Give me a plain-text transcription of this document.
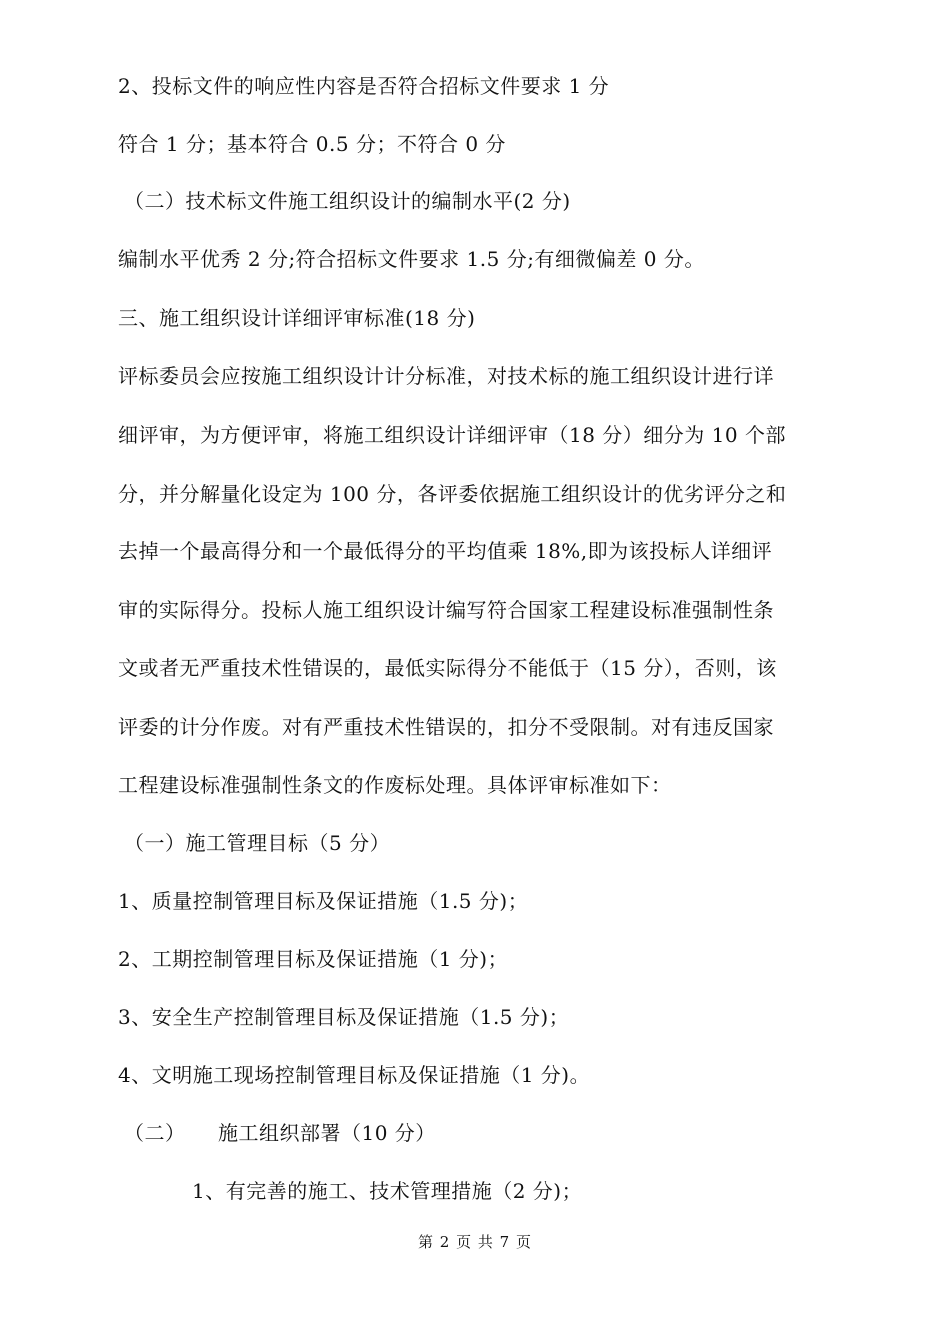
2、投标文件的响应性内容是否符合招标文件要求 1 分
符合 1 分；基本符合 0.5 分；不符合 0 分
（二）技术标文件施工组织设计的编制水平(2 分)
编制水平优秀 2 分;符合招标文件要求 1.5 分;有细微偏差 0 分。
三、施工组织设计详细评审标准(18 分)
评标委员会应按施工组织设计计分标准，对技术标的施工组织设计进行详
细评审，为方便评审，将施工组织设计详细评审（18 分）细分为 10 个部
分，并分解量化设定为 100 分，各评委依据施工组织设计的优劣评分之和
去掉一个最高得分和一个最低得分的平均值乘 18%,即为该投标人详细评
审的实际得分。投标人施工组织设计编写符合国家工程建设标准强制性条
文或者无严重技术性错误的，最低实际得分不能低于（15 分），否则，该
评委的计分作废。对有严重技术性错误的，扣分不受限制。对有违反国家
工程建设标准强制性条文的作废标处理。具体评审标准如下：
（一）施工管理目标（5 分）
1、质量控制管理目标及保证措施（1.5 分)；
2、工期控制管理目标及保证措施（1 分)；
3、安全生产控制管理目标及保证措施（1.5 分)；
4、文明施工现场控制管理目标及保证措施（1 分)。
（二） 施工组织部署（10 分）
1、有完善的施工、技术管理措施（2 分)；
第 2 页 共 7 页
